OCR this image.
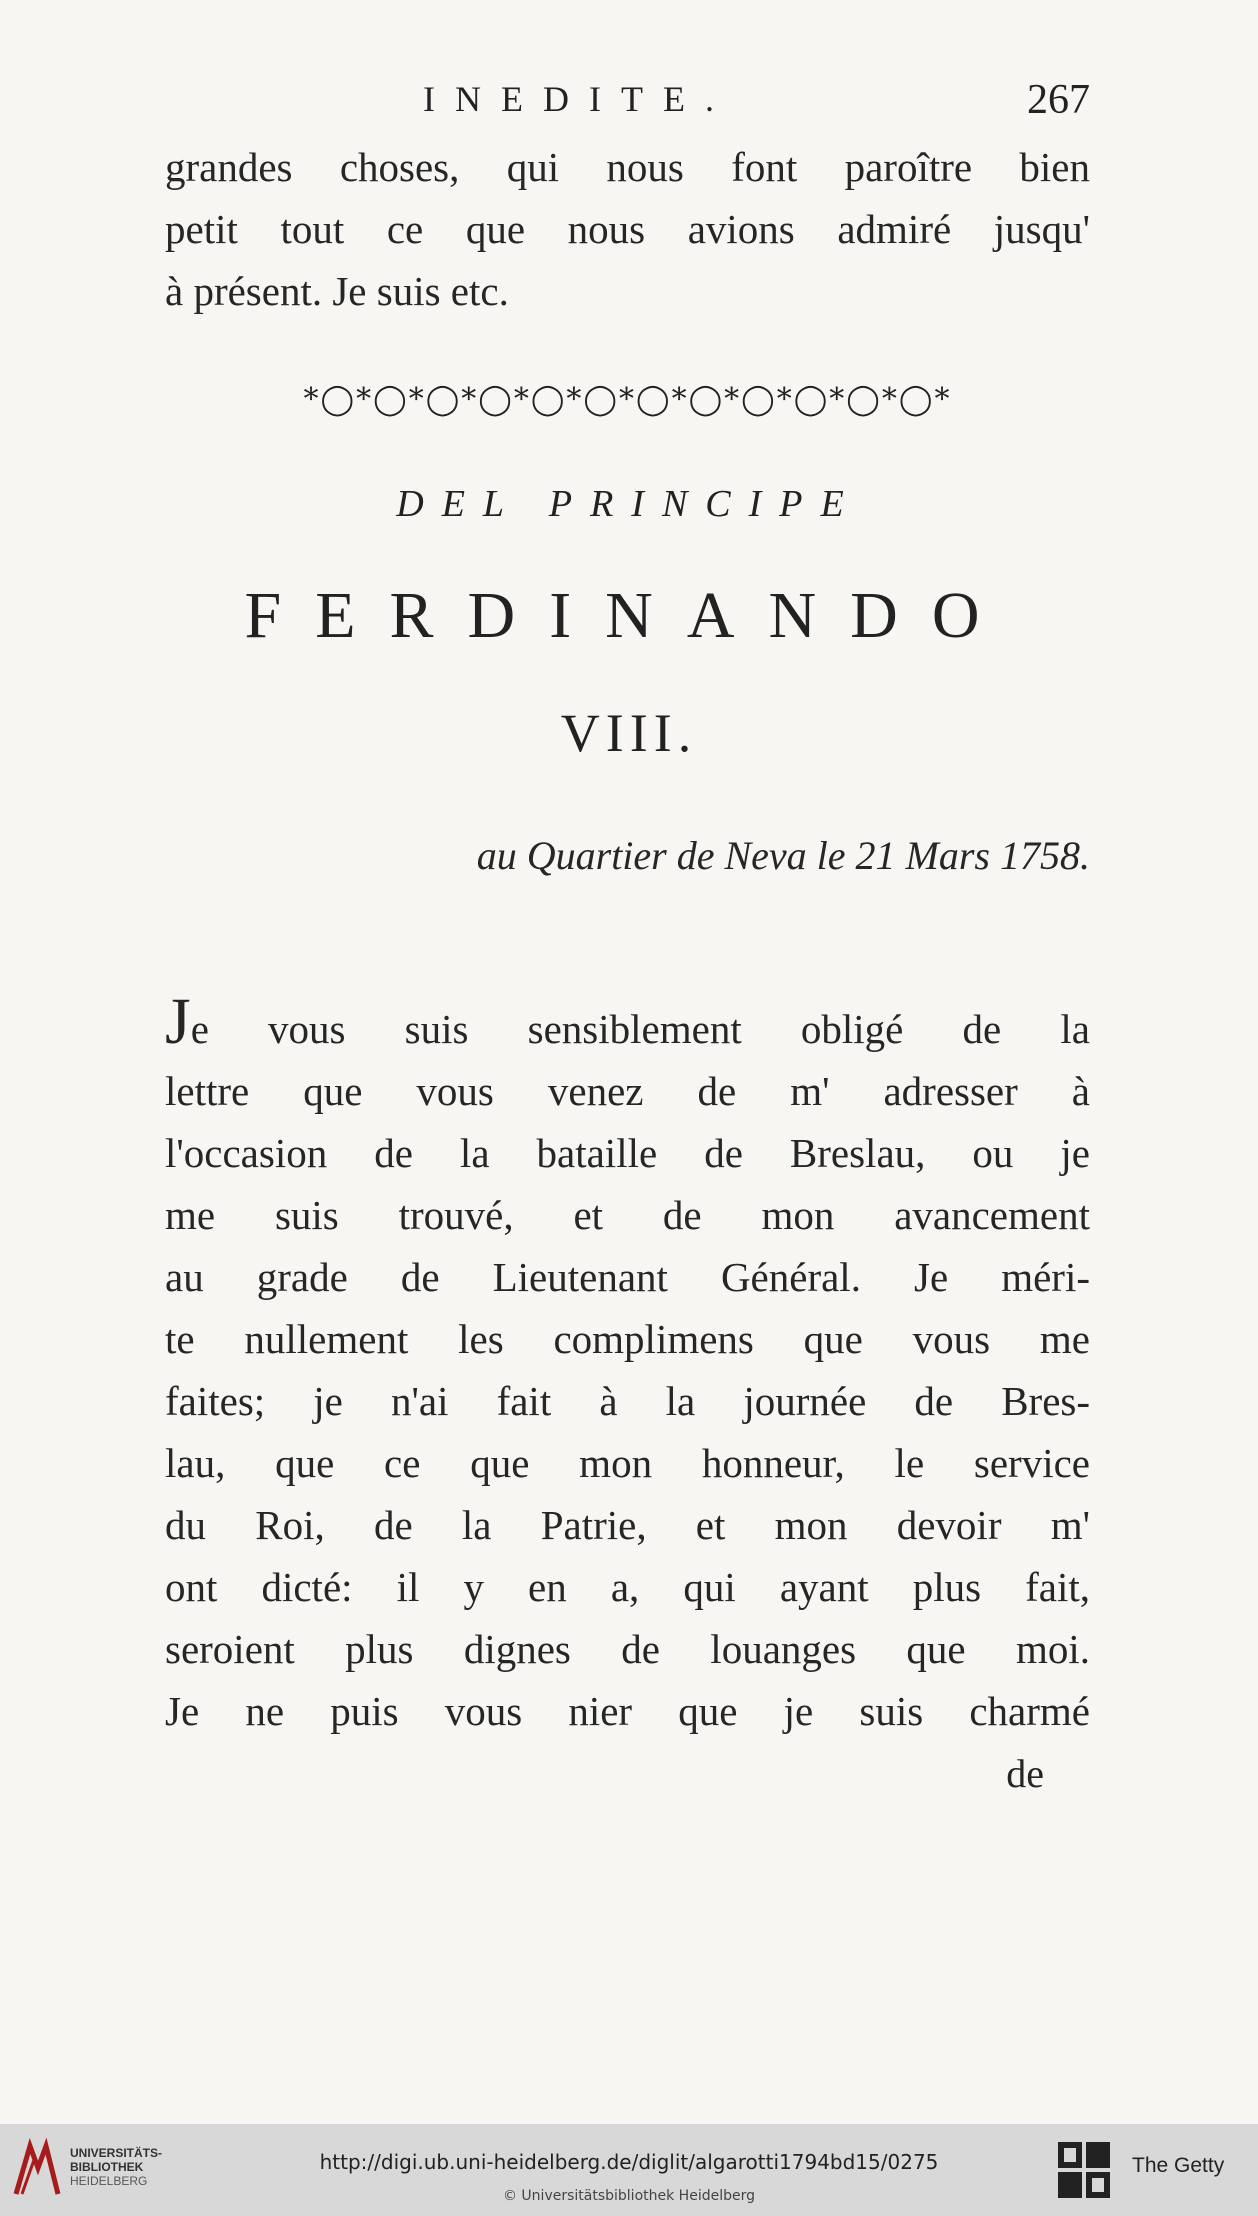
INEDITE.	267
grandes choses, qui nous font paroître bien
petit tout ce que nous avions admiré jusqu'
à présent. Je suis etc.
*◯*◯*◯*◯*◯*◯*◯*◯*◯*◯*◯*◯*
DEL PRINCIPE
FERDINANDO
VIII.
au Quartier de Neva le 21 Mars 1758.
Je vous suis sensiblement obligé de la
lettre que vous venez de m' adresser à
l'occasion de la bataille de Breslau, ou je
me suis trouvé, et de mon avancement
au grade de Lieutenant Général. Je méri-
te nullement les complimens que vous me
faites; je n'ai fait à la journée de Bres-
lau, que ce que mon honneur, le service
du Roi, de la Patrie, et mon devoir m'
ont dicté: il y en a, qui ayant plus fait,
seroient plus dignes de louanges que moi.
Je ne puis vous nier que je suis charmé
de
UNIVERSITÄTS-
BIBLIOTHEK
HEIDELBERG
http://digi.ub.uni-heidelberg.de/diglit/algarotti1794bd15/0275
© Universitätsbibliothek Heidelberg
The Getty
